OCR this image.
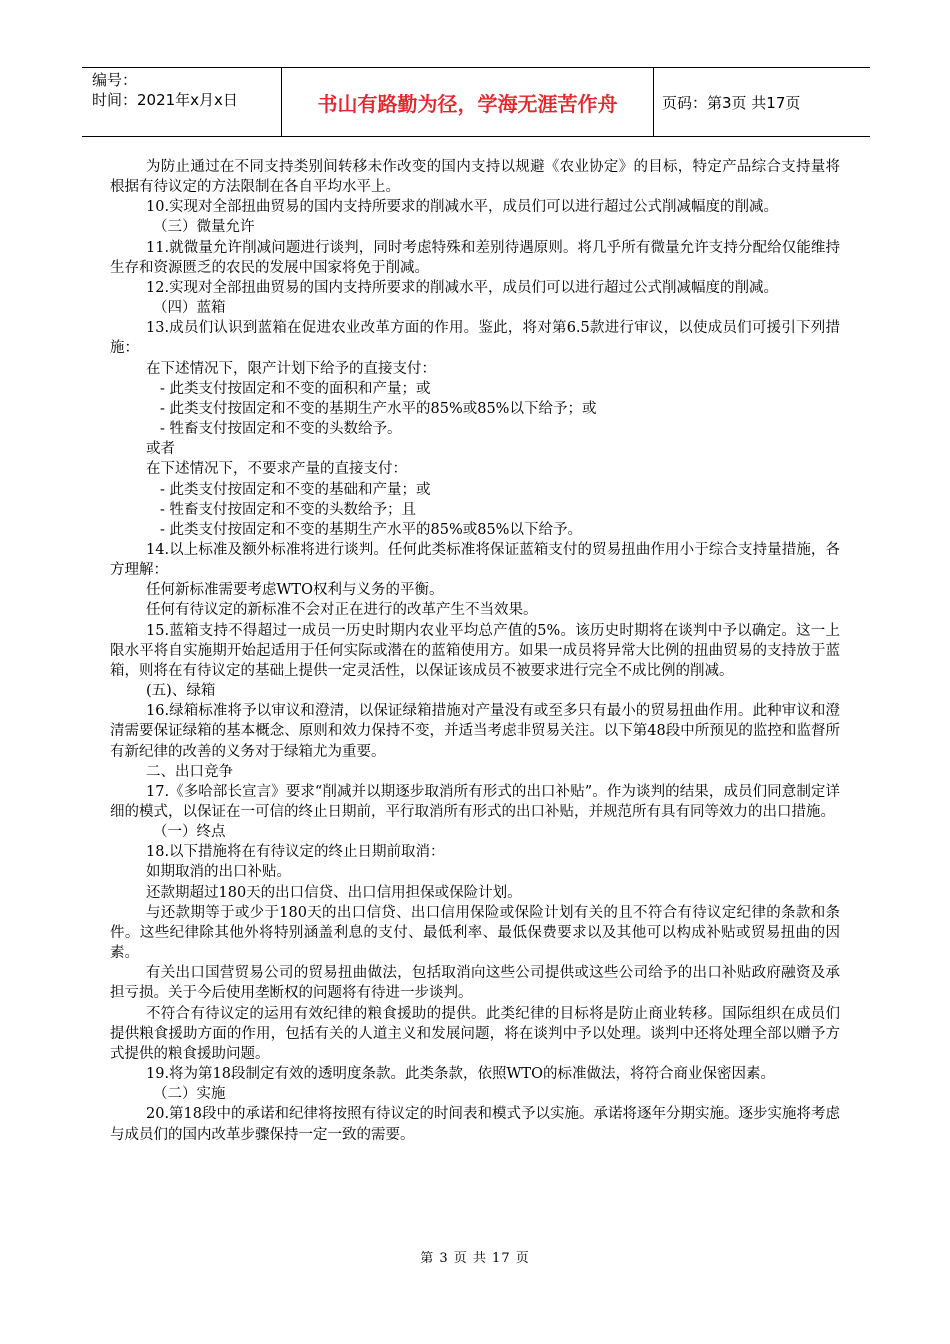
编号：
时间：2021年x月x日	书山有路勤为径，学海无涯苦作舟	页码：第3页 共17页

为防止通过在不同支持类别间转移未作改变的国内支持以规避《农业协定》的目标，特定产品综合支持量将根据有待议定的方法限制在各自平均水平上。

10.实现对全部扭曲贸易的国内支持所要求的削减水平，成员们可以进行超过公式削减幅度的削减。

（三）微量允许

11.就微量允许削减问题进行谈判，同时考虑特殊和差别待遇原则。将几乎所有微量允许支持分配给仅能维持生存和资源匮乏的农民的发展中国家将免于削减。

12.实现对全部扭曲贸易的国内支持所要求的削减水平，成员们可以进行超过公式削减幅度的削减。

（四）蓝箱

13.成员们认识到蓝箱在促进农业改革方面的作用。鉴此，将对第6.5款进行审议，以使成员们可援引下列措施：

在下述情况下，限产计划下给予的直接支付：

- 此类支付按固定和不变的面积和产量；或

- 此类支付按固定和不变的基期生产水平的85%或85%以下给予；或

- 牲畜支付按固定和不变的头数给予。

或者

在下述情况下，不要求产量的直接支付：

- 此类支付按固定和不变的基础和产量；或

- 牲畜支付按固定和不变的头数给予；且

- 此类支付按固定和不变的基期生产水平的85%或85%以下给予。

14.以上标准及额外标准将进行谈判。任何此类标准将保证蓝箱支付的贸易扭曲作用小于综合支持量措施，各方理解：

任何新标准需要考虑WTO权利与义务的平衡。

任何有待议定的新标准不会对正在进行的改革产生不当效果。

15.蓝箱支持不得超过一成员一历史时期内农业平均总产值的5%。该历史时期将在谈判中予以确定。这一上限水平将自实施期开始起适用于任何实际或潜在的蓝箱使用方。如果一成员将异常大比例的扭曲贸易的支持放于蓝箱，则将在有待议定的基础上提供一定灵活性，以保证该成员不被要求进行完全不成比例的削减。

(五)、绿箱

16.绿箱标准将予以审议和澄清，以保证绿箱措施对产量没有或至多只有最小的贸易扭曲作用。此种审议和澄清需要保证绿箱的基本概念、原则和效力保持不变，并适当考虑非贸易关注。以下第48段中所预见的监控和监督所有新纪律的改善的义务对于绿箱尤为重要。

二、出口竞争

17.《多哈部长宣言》要求“削减并以期逐步取消所有形式的出口补贴”。作为谈判的结果，成员们同意制定详细的模式，以保证在一可信的终止日期前，平行取消所有形式的出口补贴，并规范所有具有同等效力的出口措施。

（一）终点

18.以下措施将在有待议定的终止日期前取消：

如期取消的出口补贴。

还款期超过180天的出口信贷、出口信用担保或保险计划。

与还款期等于或少于180天的出口信贷、出口信用保险或保险计划有关的且不符合有待议定纪律的条款和条件。这些纪律除其他外将特别涵盖利息的支付、最低利率、最低保费要求以及其他可以构成补贴或贸易扭曲的因素。

有关出口国营贸易公司的贸易扭曲做法，包括取消向这些公司提供或这些公司给予的出口补贴政府融资及承担亏损。关于今后使用垄断权的问题将有待进一步谈判。

不符合有待议定的运用有效纪律的粮食援助的提供。此类纪律的目标将是防止商业转移。国际组织在成员们提供粮食援助方面的作用，包括有关的人道主义和发展问题，将在谈判中予以处理。谈判中还将处理全部以赠予方式提供的粮食援助问题。

19.将为第18段制定有效的透明度条款。此类条款，依照WTO的标准做法，将符合商业保密因素。

（二）实施

20.第18段中的承诺和纪律将按照有待议定的时间表和模式予以实施。承诺将逐年分期实施。逐步实施将考虑与成员们的国内改革步骤保持一定一致的需要。

第 3 页 共 17 页
